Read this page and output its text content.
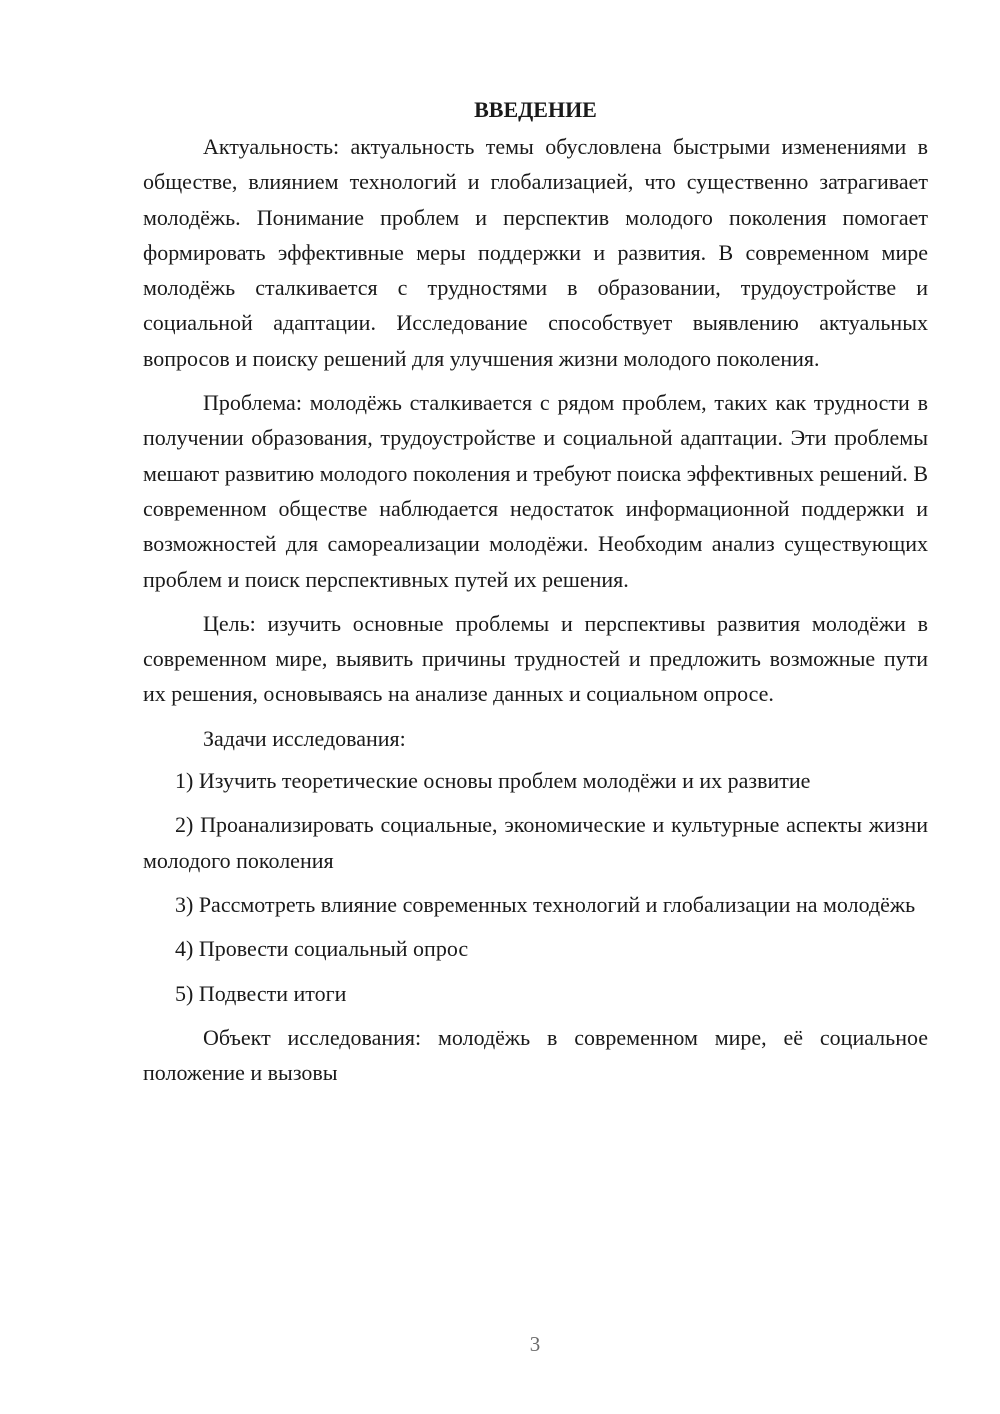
ВВЕДЕНИЕ

Актуальность: актуальность темы обусловлена быстрыми изменениями в обществе, влиянием технологий и глобализацией, что существенно затрагивает молодёжь. Понимание проблем и перспектив молодого поколения помогает формировать эффективные меры поддержки и развития. В современном мире молодёжь сталкивается с трудностями в образовании, трудоустройстве и социальной адаптации. Исследование способствует выявлению актуальных вопросов и поиску решений для улучшения жизни молодого поколения.

Проблема: молодёжь сталкивается с рядом проблем, таких как трудности в получении образования, трудоустройстве и социальной адаптации. Эти проблемы мешают развитию молодого поколения и требуют поиска эффективных решений. В современном обществе наблюдается недостаток информационной поддержки и возможностей для самореализации молодёжи. Необходим анализ существующих проблем и поиск перспективных путей их решения.

Цель: изучить основные проблемы и перспективы развития молодёжи в современном мире, выявить причины трудностей и предложить возможные пути их решения, основываясь на анализе данных и социальном опросе.

Задачи исследования:

1) Изучить теоретические основы проблем молодёжи и их развитие

2) Проанализировать социальные, экономические и культурные аспекты жизни молодого поколения

3) Рассмотреть влияние современных технологий и глобализации на молодёжь

4) Провести социальный опрос

5) Подвести итоги

Объект исследования: молодёжь в современном мире, её социальное положение и вызовы

3
